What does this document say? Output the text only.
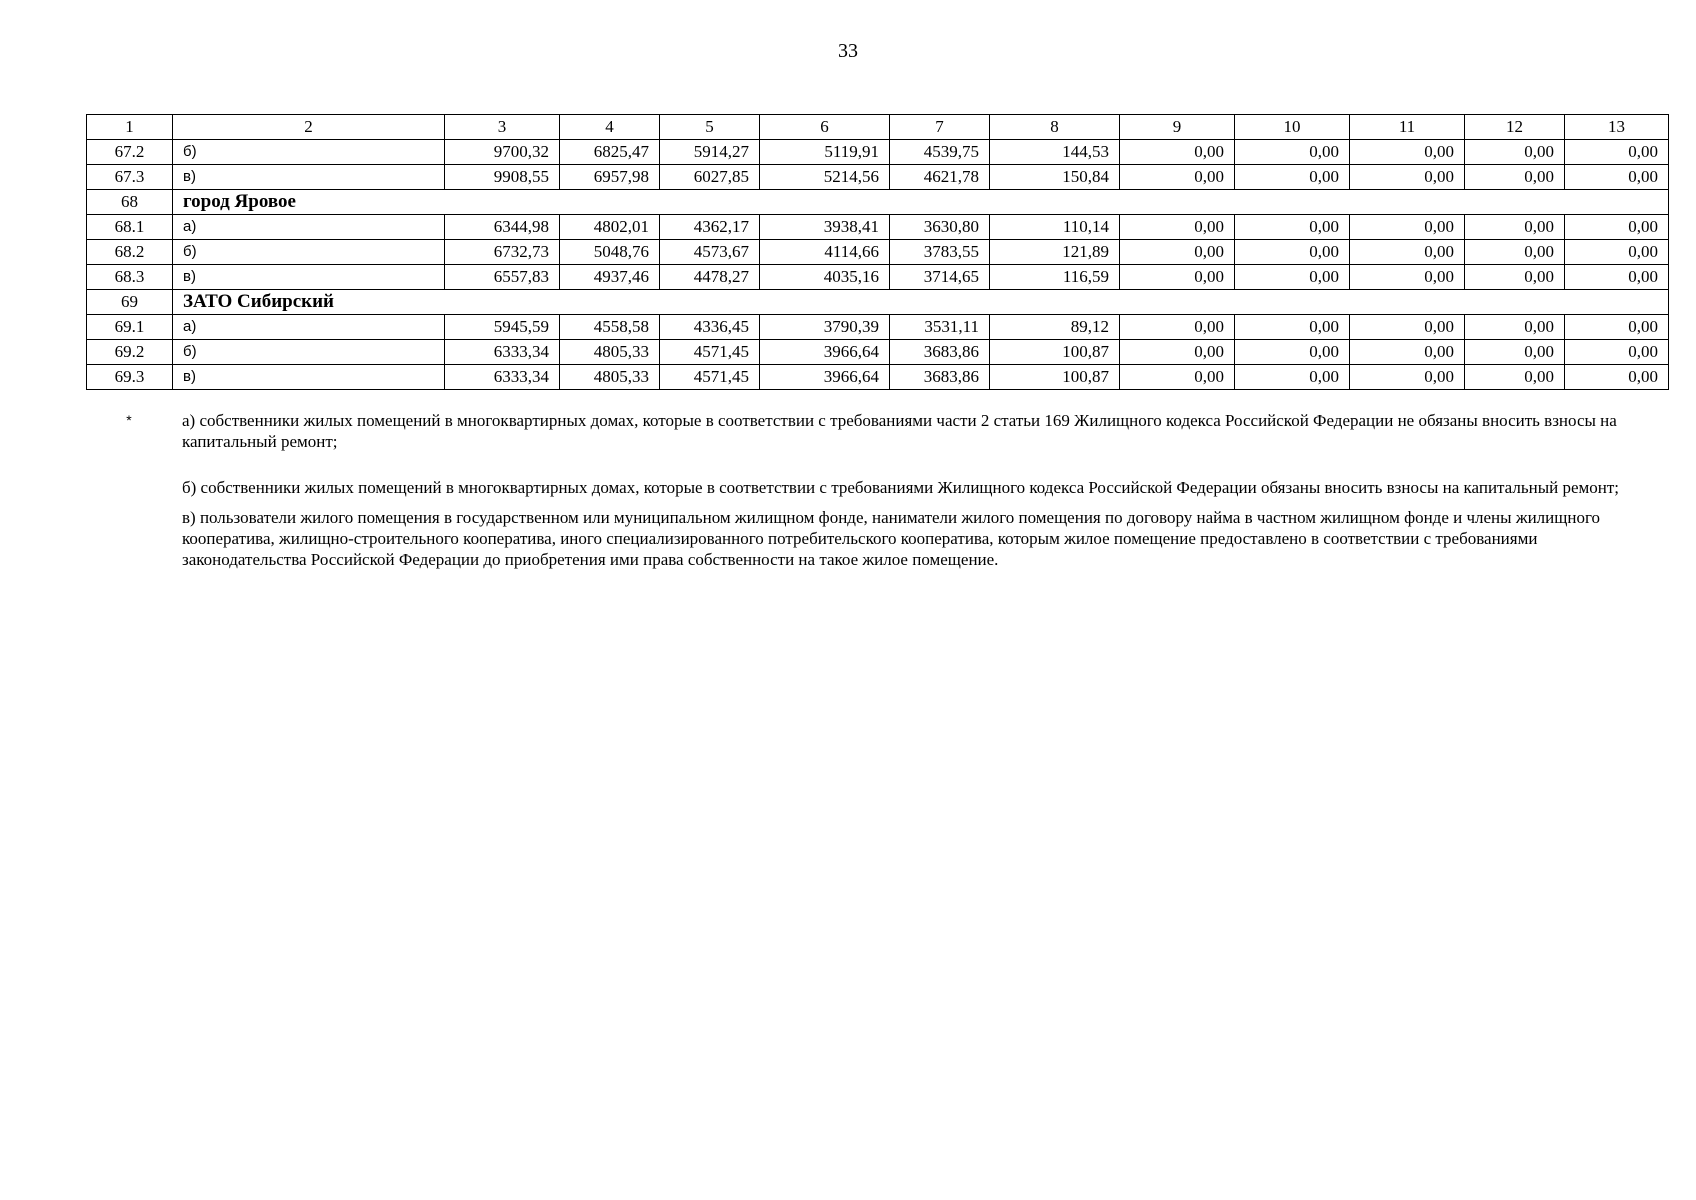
33
1	2	3	4	5	6	7	8	9	10	11	12	13
67.2	б)	9700,32	6825,47	5914,27	5119,91	4539,75	144,53	0,00	0,00	0,00	0,00	0,00
67.3	в)	9908,55	6957,98	6027,85	5214,56	4621,78	150,84	0,00	0,00	0,00	0,00	0,00
68	город Яровое											
68.1	а)	6344,98	4802,01	4362,17	3938,41	3630,80	110,14	0,00	0,00	0,00	0,00	0,00
68.2	б)	6732,73	5048,76	4573,67	4114,66	3783,55	121,89	0,00	0,00	0,00	0,00	0,00
68.3	в)	6557,83	4937,46	4478,27	4035,16	3714,65	116,59	0,00	0,00	0,00	0,00	0,00
69	ЗАТО Сибирский											
69.1	а)	5945,59	4558,58	4336,45	3790,39	3531,11	89,12	0,00	0,00	0,00	0,00	0,00
69.2	б)	6333,34	4805,33	4571,45	3966,64	3683,86	100,87	0,00	0,00	0,00	0,00	0,00
69.3	в)	6333,34	4805,33	4571,45	3966,64	3683,86	100,87	0,00	0,00	0,00	0,00	0,00
*	а) собственники жилых помещений в многоквартирных домах, которые в соответствии с требованиями части 2 статьи 169 Жилищного кодекса Российской Федерации не обязаны вносить взносы на капитальный ремонт;
б) собственники жилых помещений в многоквартирных домах, которые в соответствии с требованиями Жилищного кодекса Российской Федерации обязаны вносить взносы на капитальный ремонт;
в) пользователи жилого помещения в государственном или муниципальном жилищном фонде, наниматели жилого помещения по договору найма в частном жилищном фонде и члены жилищного кооператива, жилищно-строительного кооператива, иного специализированного потребительского кооператива, которым жилое помещение предоставлено в соответствии с требованиями законодательства Российской Федерации до приобретения ими права собственности на такое жилое помещение.
